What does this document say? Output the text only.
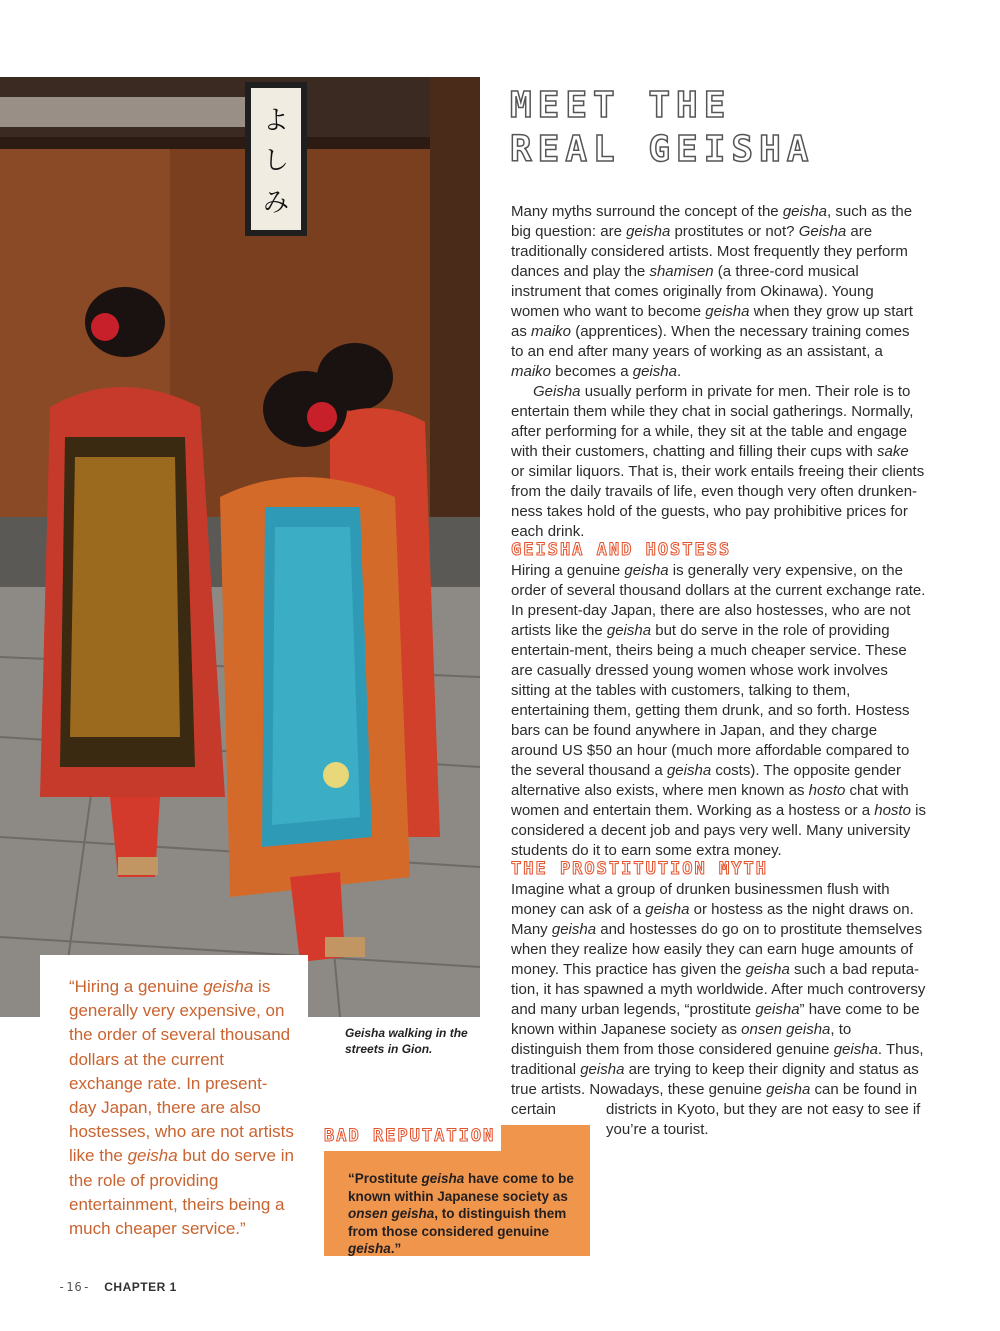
よ
し
み
MEET THE
REAL GEISHA

Many myths surround the concept of the geisha, such as the big question: are geisha prostitutes or not? Geisha are traditionally considered artists. Most frequently they perform dances and play the shamisen (a three-cord musical instrument that comes originally from Okinawa). Young women who want to become geisha when they grow up start as maiko (apprentices). When the necessary training comes to an end after many years of working as an assistant, a maiko becomes a geisha.

Geisha usually perform in private for men. Their role is to entertain them while they chat in social gatherings. Normally, after performing for a while, they sit at the table and engage with their customers, chatting and filling their cups with sake or similar liquors. That is, their work entails freeing their clients from the daily travails of life, even though very often drunken-ness takes hold of the guests, who pay prohibitive prices for each drink.

GEISHA AND HOSTESS

Hiring a genuine geisha is generally very expensive, on the order of several thousand dollars at the current exchange rate. In present-day Japan, there are also hostesses, who are not artists like the geisha but do serve in the role of providing entertain-ment, theirs being a much cheaper service. These are casually dressed young women whose work involves sitting at the tables with customers, talking to them, entertaining them, getting them drunk, and so forth. Hostess bars can be found anywhere in Japan, and they charge around US $50 an hour (much more affordable compared to the several thousand a geisha costs). The opposite gender alternative also exists, where men known as hosto chat with women and entertain them. Working as a hostess or a hosto is considered a decent job and pays very well. Many university students do it to earn some extra money.

THE PROSTITUTION MYTH

Imagine what a group of drunken businessmen flush with money can ask of a geisha or hostess as the night draws on. Many geisha and hostesses do go on to prostitute themselves when they realize how easily they can earn huge amounts of money. This practice has given the geisha such a bad reputa-tion, it has spawned a myth worldwide. After much controversy and many urban legends, “prostitute geisha” have come to be known within Japanese society as onsen geisha, to distinguish them from those considered genuine geisha. Thus, traditional geisha are trying to keep their dignity and status as true artists. Nowadays, these genuine geisha can be found in certain	districts in Kyoto, but they are not easy to see if you’re a tourist.

“Hiring a genuine geisha is generally very expensive, on the order of several thousand dollars at the current exchange rate. In present-day Japan, there are also hostesses, who are not artists like the geisha but do serve in the role of providing entertainment, theirs being a much cheaper service.”

Geisha walking in the streets in Gion.

BAD REPUTATION

“Prostitute geisha have come to be known within Japanese society as onsen geisha, to distinguish them from those considered genuine geisha.”

-16- CHAPTER 1
